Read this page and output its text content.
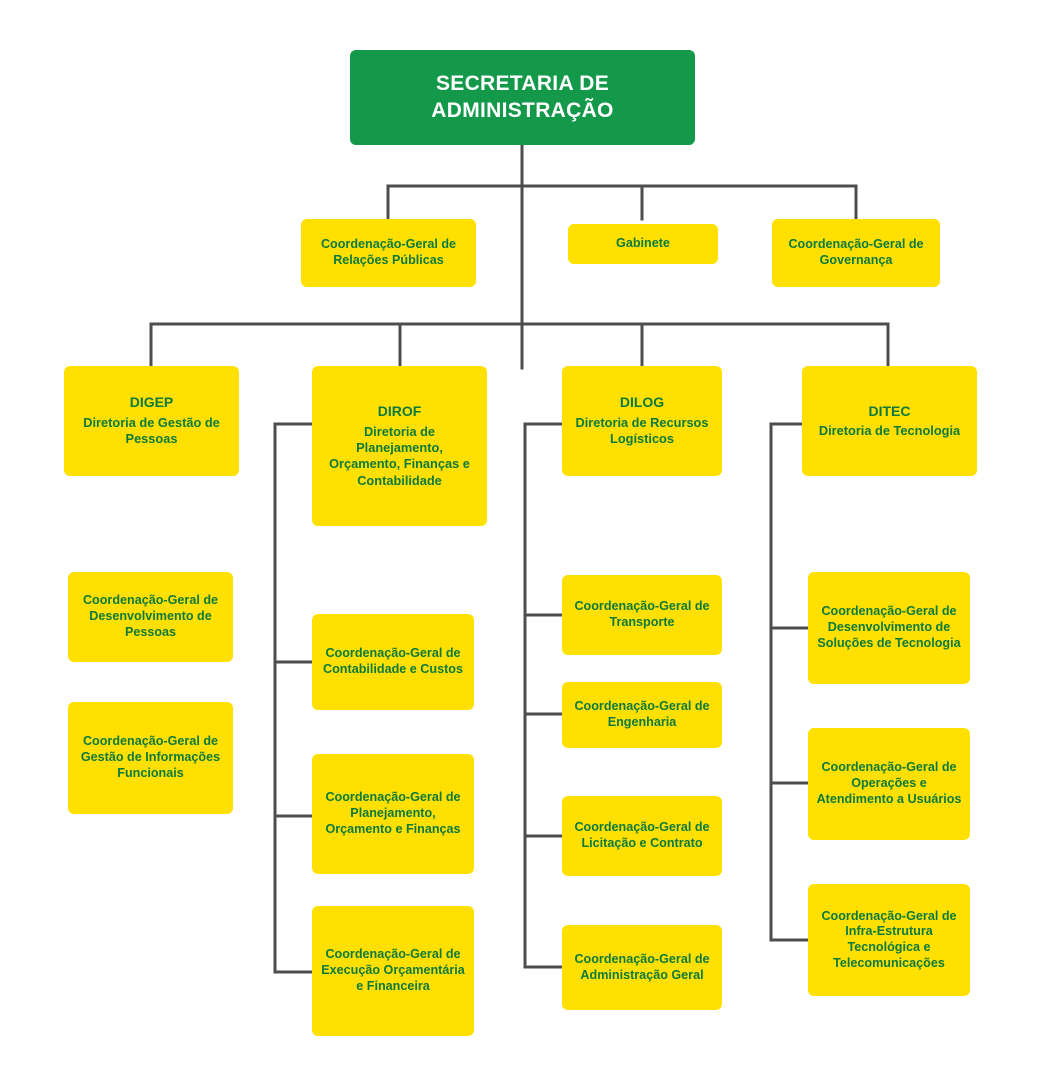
SECRETARIA DE ADMINISTRAÇÃO
Coordenação-Geral de Relações Públicas
Gabinete	Coordenação-Geral de Governança
DIGEP
Diretoria de Gestão de Pessoas
DIROF
Diretoria de Planejamento, Orçamento, Finanças e Contabilidade
DILOG
Diretoria de Recursos Logísticos
DITEC
Diretoria de Tecnologia
Coordenação-Geral de Desenvolvimento de Pessoas
Coordenação-Geral de Gestão de Informações Funcionais
Coordenação-Geral de Contabilidade e Custos
Coordenação-Geral de Planejamento, Orçamento e Finanças
Coordenação-Geral de Execução Orçamentária e Financeira
Coordenação-Geral de Transporte
Coordenação-Geral de Engenharia
Coordenação-Geral de Licitação e Contrato
Coordenação-Geral de Administração Geral
Coordenação-Geral de Desenvolvimento de Soluções de Tecnologia
Coordenação-Geral de Operações e Atendimento a Usuários
Coordenação-Geral de Infra-Estrutura Tecnológica e Telecomunicações
